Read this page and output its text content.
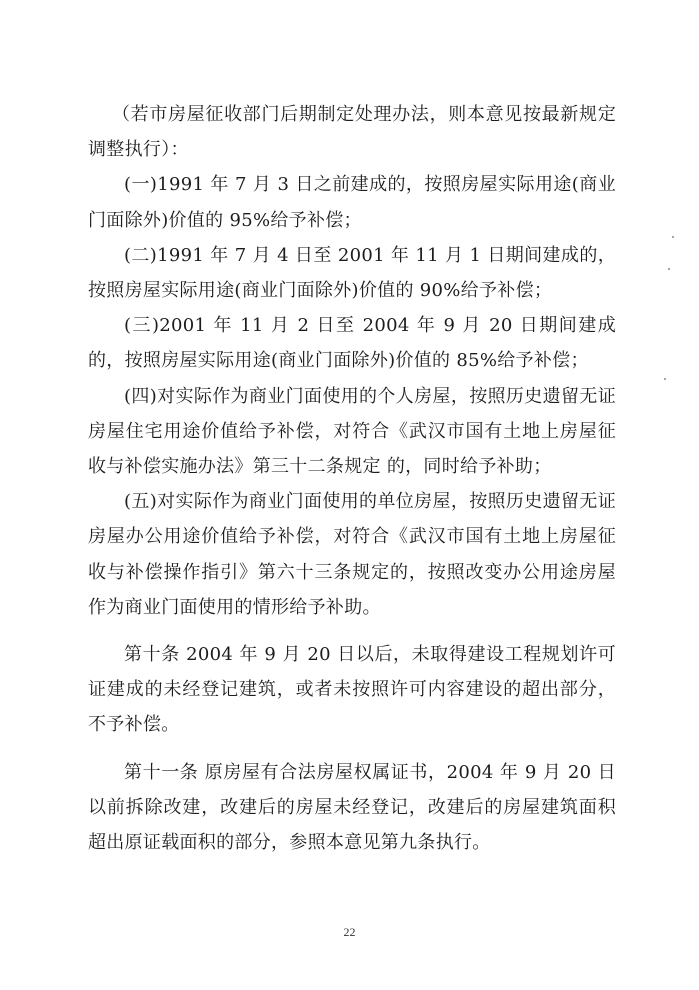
（若市房屋征收部门后期制定处理办法，则本意见按最新规定调整执行）：

(一)1991 年 7 月 3 日之前建成的，按照房屋实际用途(商业门面除外)价值的 95%给予补偿；

(二)1991 年 7 月 4 日至 2001 年 11 月 1 日期间建成的，按照房屋实际用途(商业门面除外)价值的 90%给予补偿；

(三)2001 年 11 月 2 日至 2004 年 9 月 20 日期间建成的，按照房屋实际用途(商业门面除外)价值的 85%给予补偿；

(四)对实际作为商业门面使用的个人房屋，按照历史遗留无证房屋住宅用途价值给予补偿，对符合《武汉市国有土地上房屋征收与补偿实施办法》第三十二条规定 的，同时给予补助；

(五)对实际作为商业门面使用的单位房屋，按照历史遗留无证房屋办公用途价值给予补偿，对符合《武汉市国有土地上房屋征收与补偿操作指引》第六十三条规定的，按照改变办公用途房屋作为商业门面使用的情形给予补助。

第十条 2004 年 9 月 20 日以后，未取得建设工程规划许可证建成的未经登记建筑，或者未按照许可内容建设的超出部分，不予补偿。

第十一条 原房屋有合法房屋权属证书，2004 年 9 月 20 日以前拆除改建，改建后的房屋未经登记，改建后的房屋建筑面积超出原证载面积的部分，参照本意见第九条执行。

22
